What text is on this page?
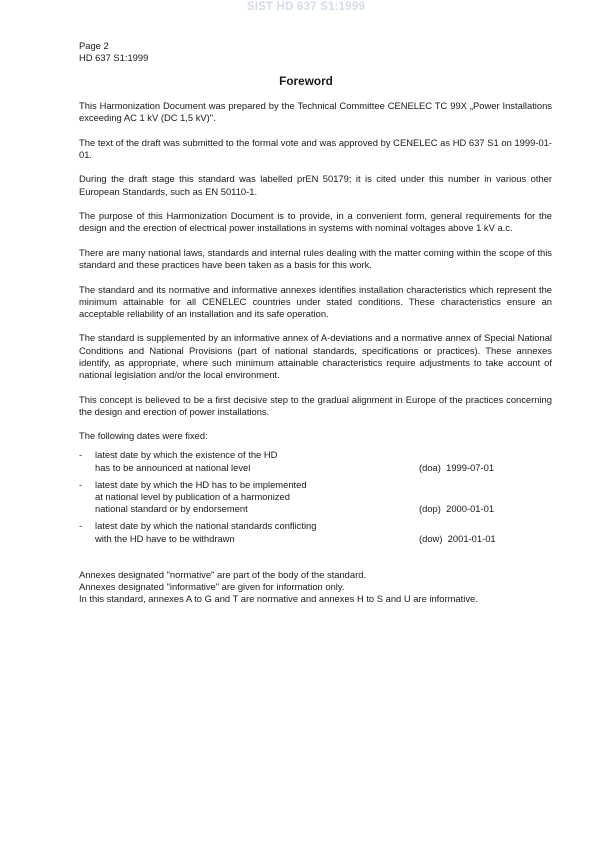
SIST HD 637 S1:1999
Page 2
HD 637 S1:1999
Foreword

This Harmonization Document was prepared by the Technical Committee CENELEC TC 99X „Power Installations exceeding AC 1 kV (DC 1,5 kV)".

The text of the draft was submitted to the formal vote and was approved by CENELEC as HD 637 S1 on 1999-01-01.

During the draft stage this standard was labelled prEN 50179; it is cited under this number in various other European Standards, such as EN 50110-1.

The purpose of this Harmonization Document is to provide, in a convenient form, general requirements for the design and the erection of electrical power installations in systems with nominal voltages above 1 kV a.c.

There are many national laws, standards and internal rules dealing with the matter coming within the scope of this standard and these practices have been taken as a basis for this work.

The standard and its normative and informative annexes identifies installation characteristics which represent the minimum attainable for all CENELEC countries under stated conditions. These characteristics ensure an acceptable reliability of an installation and its safe operation.

The standard is supplemented by an informative annex of A-deviations and a normative annex of Special National Conditions and National Provisions (part of national standards, specifications or practices). These annexes identify, as appropriate, where such minimum attainable characteristics require adjustments to take account of national legislation and/or the local environment.

This concept is believed to be a first decisive step to the gradual alignment in Europe of the practices concerning the design and erection of power installations.

The following dates were fixed:

-	latest date by which the existence of the HD
has to be announced at national level	(doa) 1999-07-01
-	latest date by which the HD has to be implemented
at national level by publication of a harmonized
national standard or by endorsement	(dop) 2000-01-01
-	latest date by which the national standards conflicting
with the HD have to be withdrawn	(dow) 2001-01-01
Annexes designated "normative" are part of the body of the standard.
Annexes designated "informative" are given for information only.
In this standard, annexes A to G and T are normative and annexes H to S and U are informative.
